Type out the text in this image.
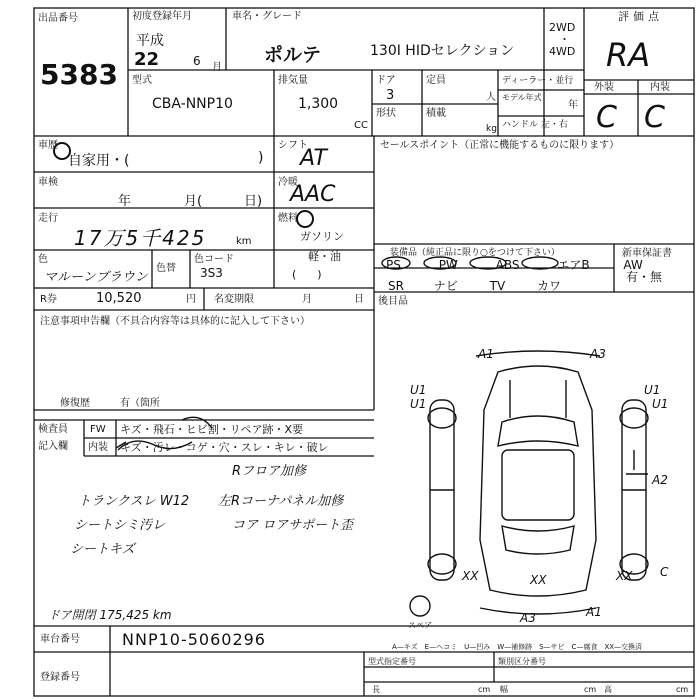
出品番号
5383
初度登録年月
平成
22	6 月
車名・グレード
ポルテ	130I HIDセレクション
2WD
・
4WD
評価点
RA
外装	内装
C C
型式
CBA-NNP10
排気量
1,300
CC
ドア
3
形状
定員
人
積載
kg
ディーラー・並行
モデル年式
年
ハンドル 左・右
車歴
自家用・(	)
車検
年	月(	日)
走行
17万5千425	km
色
マルーンブラウン
色替
色コード
3S3
R券	10,520	円 名変期限	月	日
シフト
AT
冷暖
AAC
燃料
ガソリン
軽・油
(      )
セールスポイント（正常に機能するものに限ります）
装備品（純正品に限り○をつけて下さい）
PS	PW	ABS	エアB	AW
SR ナビ	TV	カワ
新車保証書
有・無
後目品
注意事項申告欄（不具合内容等は具体的に記入して下さい）
修復歴	有（箇所
検査員
記入欄
FW キズ・飛石・ヒビ割・リペア跡・X要
内装 キズ・汚レ・コゲ・穴・スレ・キレ・破レ
Rフロア加修
トランクスレ W12 左Rコーナパネル加修
シートシミ汚レ	コア ロアサポート歪
シートキズ
ドア開閉 175,425 km
A1	A3
U1	U1
U1	U1
A2
XX	XX	XX
A3	A1
C
スペア
A—キズ　E—ヘコミ　U—凹み　W—補修跡　S—サビ　C—腐食　XX—交換済
車台番号	NNP10-5060296
登録番号
型式指定番号	類別区分番号
長	cm 幅	cm 高	cm
